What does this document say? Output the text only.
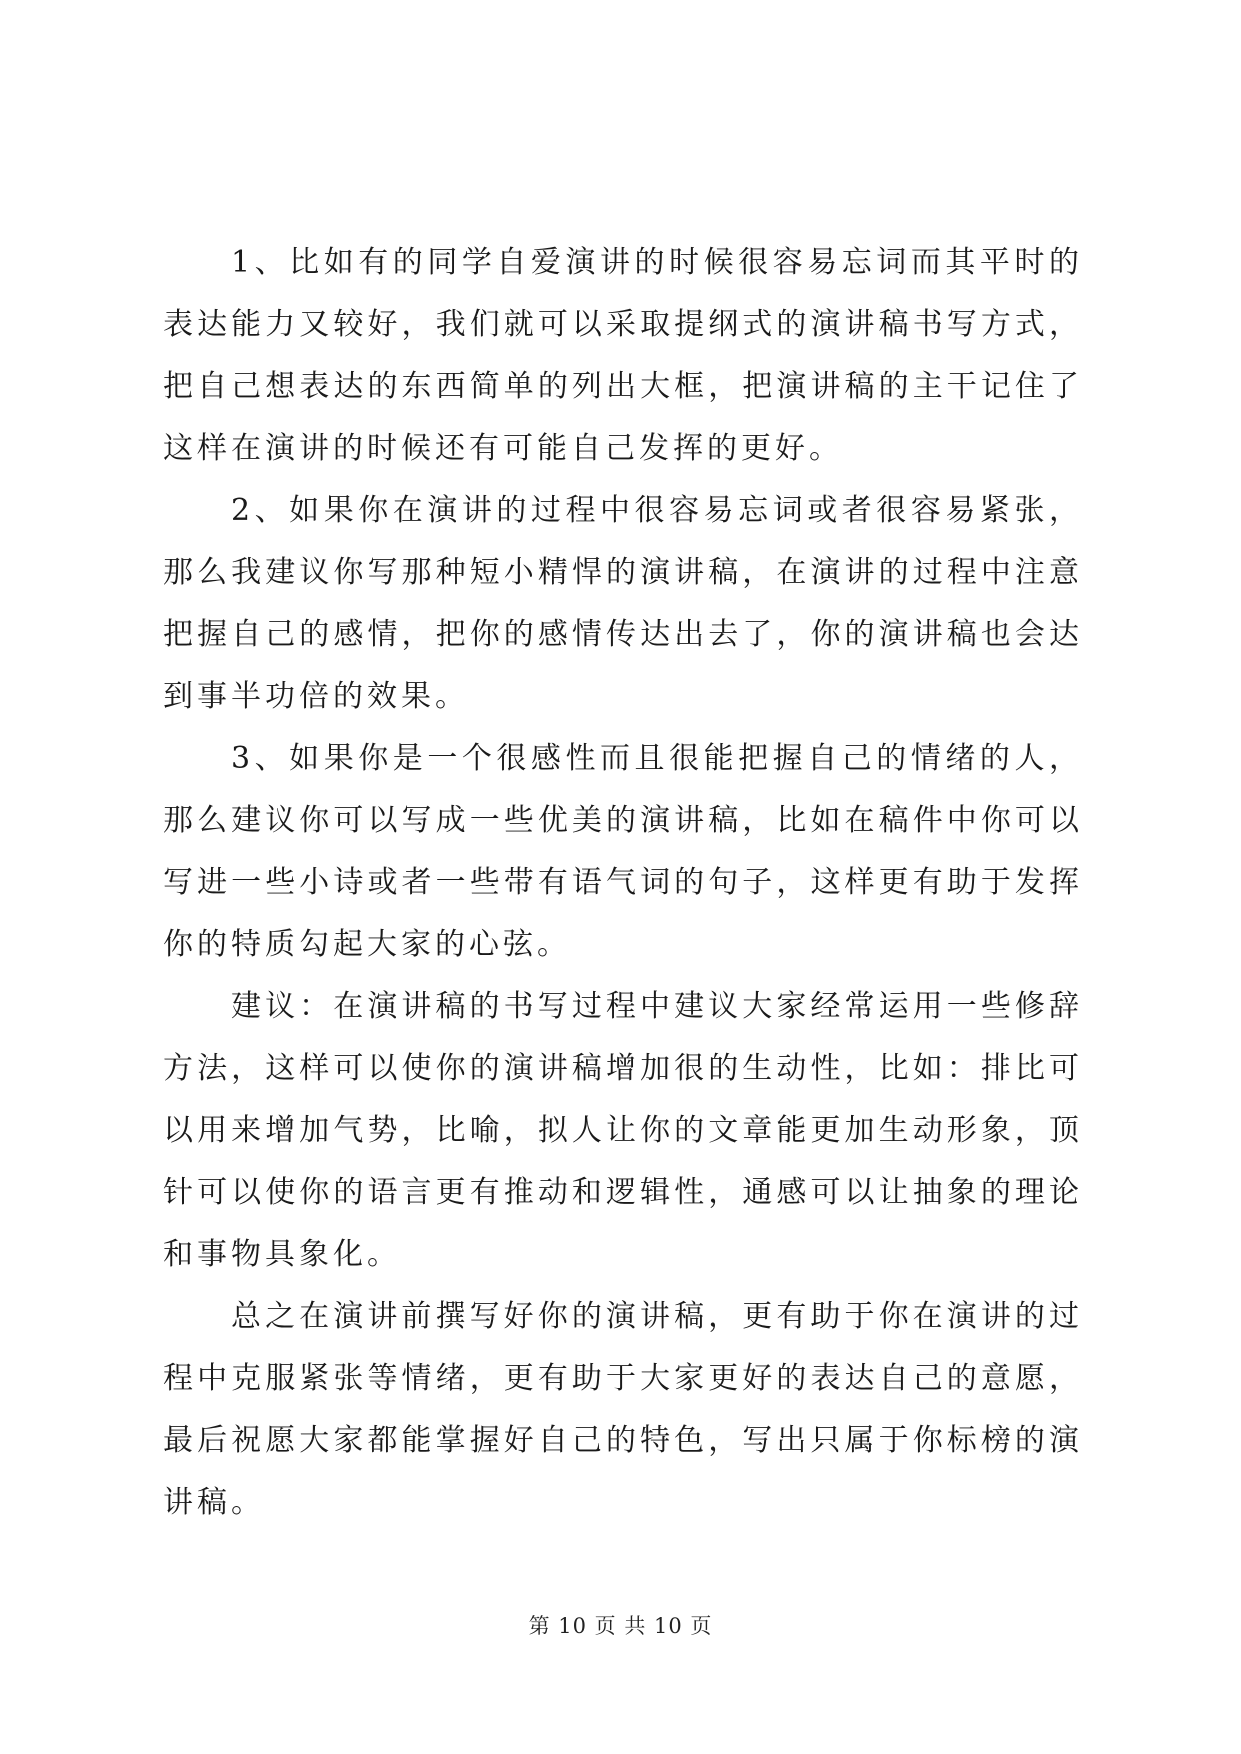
1、比如有的同学自爱演讲的时候很容易忘词而其平时的表达能力又较好，我们就可以采取提纲式的演讲稿书写方式，把自己想表达的东西简单的列出大框，把演讲稿的主干记住了这样在演讲的时候还有可能自己发挥的更好。

2、如果你在演讲的过程中很容易忘词或者很容易紧张，那么我建议你写那种短小精悍的演讲稿，在演讲的过程中注意把握自己的感情，把你的感情传达出去了，你的演讲稿也会达到事半功倍的效果。

3、如果你是一个很感性而且很能把握自己的情绪的人，那么建议你可以写成一些优美的演讲稿，比如在稿件中你可以写进一些小诗或者一些带有语气词的句子，这样更有助于发挥你的特质勾起大家的心弦。

建议：在演讲稿的书写过程中建议大家经常运用一些修辞方法，这样可以使你的演讲稿增加很的生动性，比如：排比可以用来增加气势，比喻，拟人让你的文章能更加生动形象，顶针可以使你的语言更有推动和逻辑性，通感可以让抽象的理论和事物具象化。

总之在演讲前撰写好你的演讲稿，更有助于你在演讲的过程中克服紧张等情绪，更有助于大家更好的表达自己的意愿，最后祝愿大家都能掌握好自己的特色，写出只属于你标榜的演讲稿。

第 10 页 共 10 页
